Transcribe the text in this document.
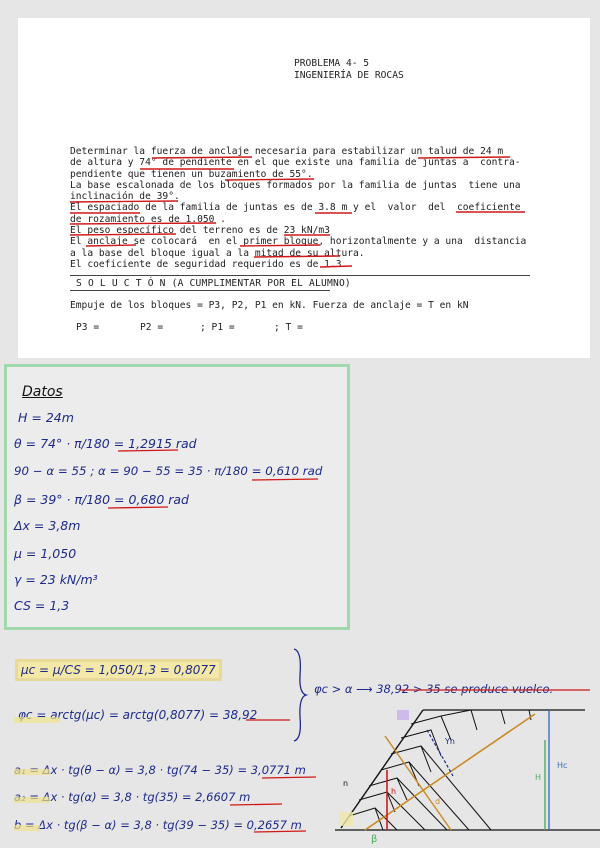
PROBLEMA 4- 5
INGENIERÍA DE ROCAS
Determinar la fuerza de anclaje necesaria para estabilizar un talud de 24 m
de altura y 74° de pendiente en el que existe una familia de juntas a  contra-
pendiente que tienen un buzamiento de 55°.
La base escalonada de los bloques formados por la familia de juntas  tiene una
inclinación de 39°.
El espaciado de la familia de juntas es de 3.8 m y el  valor  del  coeficiente
de rozamiento es de 1.050 .
El peso específico del terreno es de 23 kN/m3
El anclaje se colocará  en el primer bloque, horizontalmente y a una  distancia
a la base del bloque igual a la mitad de su altura.
El coeficiente de seguridad requerido es de 1.3.
S O L U C T Ó N (A CUMPLIMENTAR POR EL ALUMNO)
Empuje de los bloques = P3, P2, P1 en kN. Fuerza de anclaje = T en kN
P3 =	P2 =	; P1 =	; T =
Datos
H = 24m
θ = 74° · π/180 = 1,2915 rad
90 − α = 55 ; α = 90 − 55 = 35 · π/180 = 0,610 rad
β = 39° · π/180 = 0,680 rad
Δx = 3,8m
μ = 1,050
γ = 23 kN/m³
CS = 1,3
μc = μ/CS = 1,050/1,3 = 0,8077
φc = arctg(μc) = arctg(0,8077) = 38,92
φc > α ⟶ 38,92 > 35 se produce vuelco.
a₁ = Δx · tg(θ − α) = 3,8 · tg(74 − 35) = 3,0771 m
a₂ = Δx · tg(α) = 3,8 · tg(35) = 2,6607 m
b = Δx · tg(β − α) = 3,8 · tg(39 − 35) = 0,2657 m
Hc
H
Yn
h
d
β
n
